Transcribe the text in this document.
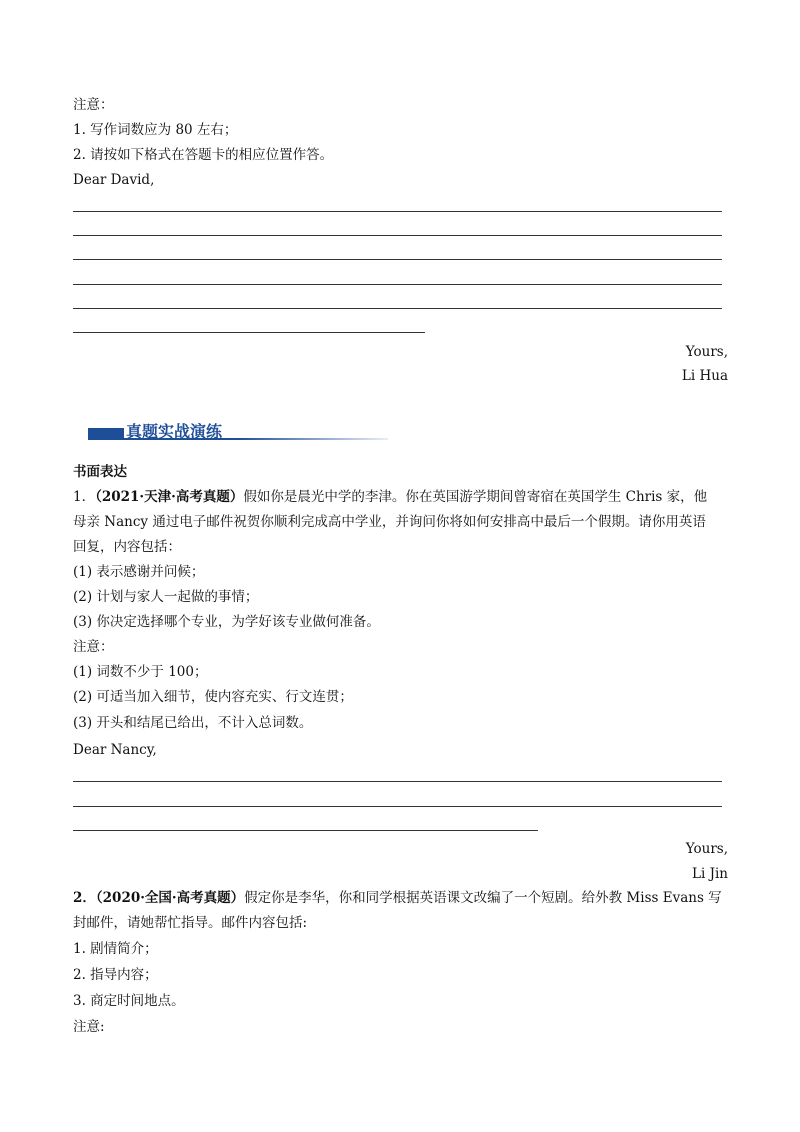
注意：
1. 写作词数应为 80 左右；
2. 请按如下格式在答题卡的相应位置作答。
Dear David,
Yours,
Li Hua
真题实战演练
书面表达
1．（2021·天津·高考真题）假如你是晨光中学的李津。你在英国游学期间曾寄宿在英国学生 Chris 家，他
母亲 Nancy 通过电子邮件祝贺你顺利完成高中学业，并询问你将如何安排高中最后一个假期。请你用英语
回复，内容包括：
(1) 表示感谢并问候；
(2) 计划与家人一起做的事情；
(3) 你决定选择哪个专业，为学好该专业做何准备。
注意：
(1) 词数不少于 100；
(2) 可适当加入细节，使内容充实、行文连贯；
(3) 开头和结尾已给出，不计入总词数。
Dear Nancy,
Yours,
Li Jin
2．（2020·全国·高考真题）假定你是李华，你和同学根据英语课文改编了一个短剧。给外教 Miss Evans 写
封邮件，请她帮忙指导。邮件内容包括:
1. 剧情简介；
2. 指导内容；
3. 商定时间地点。
注意:
